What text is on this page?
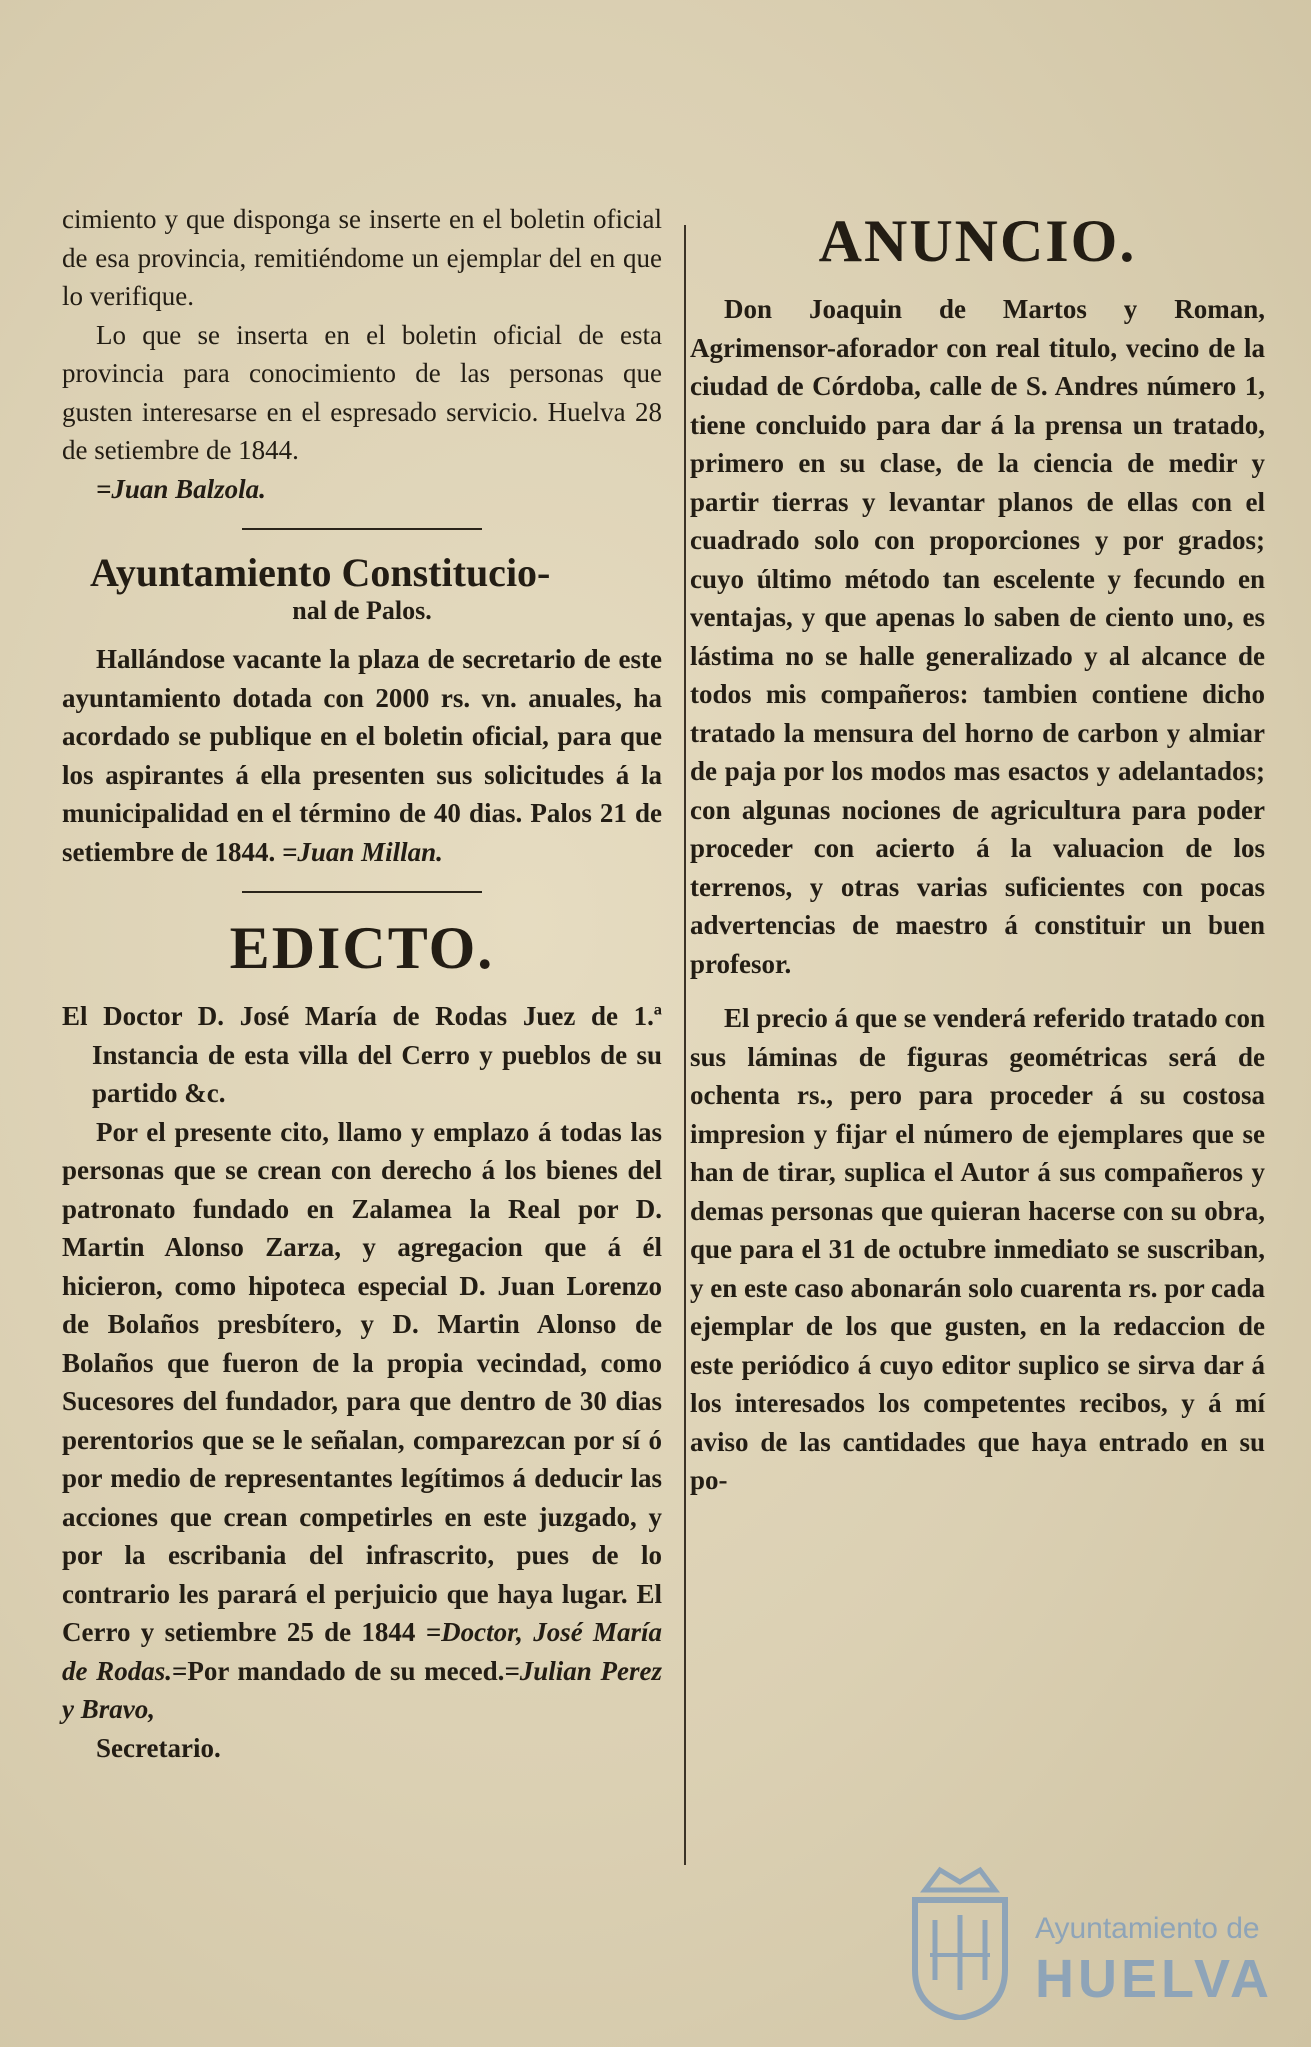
cimiento y que disponga se inserte en el boletin oficial de esa provincia, remitiéndome un ejemplar del en que lo verifique.

Lo que se inserta en el boletin oficial de esta provincia para conocimiento de las personas que gusten interesarse en el espresado servicio. Huelva 28 de setiembre de 1844.
=Juan Balzola.

Ayuntamiento Constitucio-
nal de Palos.

Hallándose vacante la plaza de secretario de este ayuntamiento dotada con 2000 rs. vn. anuales, ha acordado se publique en el boletin oficial, para que los aspirantes á ella presenten sus solicitudes á la municipalidad en el término de 40 dias. Palos 21 de setiembre de 1844. =Juan Millan.

EDICTO.

El Doctor D. José María de Rodas Juez de 1.ª Instancia de esta villa del Cerro y pueblos de su partido &c.

Por el presente cito, llamo y emplazo á todas las personas que se crean con derecho á los bienes del patronato fundado en Zalamea la Real por D. Martin Alonso Zarza, y agregacion que á él hicieron, como hipoteca especial D. Juan Lorenzo de Bolaños presbítero, y D. Martin Alonso de Bolaños que fueron de la propia vecindad, como Sucesores del fundador, para que dentro de 30 dias perentorios que se le señalan, comparezcan por sí ó por medio de representantes legítimos á deducir las acciones que crean competirles en este juzgado, y por la escribania del infrascrito, pues de lo contrario les parará el perjuicio que haya lugar. El Cerro y setiembre 25 de 1844 =Doctor, José María de Rodas.=Por mandado de su meced.=Julian Perez y Bravo,
Secretario.

ANUNCIO.

Don Joaquin de Martos y Roman, Agrimensor-aforador con real titulo, vecino de la ciudad de Córdoba, calle de S. Andres número 1, tiene concluido para dar á la prensa un tratado, primero en su clase, de la ciencia de medir y partir tierras y levantar planos de ellas con el cuadrado solo con proporciones y por grados; cuyo último método tan escelente y fecundo en ventajas, y que apenas lo saben de ciento uno, es lástima no se halle generalizado y al alcance de todos mis compañeros: tambien contiene dicho tratado la mensura del horno de carbon y almiar de paja por los modos mas esactos y adelantados; con algunas nociones de agricultura para poder proceder con acierto á la valuacion de los terrenos, y otras varias suficientes con pocas advertencias de maestro á constituir un buen profesor.

El precio á que se venderá referido tratado con sus láminas de figuras geométricas será de ochenta rs., pero para proceder á su costosa impresion y fijar el número de ejemplares que se han de tirar, suplica el Autor á sus compañeros y demas personas que quieran hacerse con su obra, que para el 31 de octubre inmediato se suscriban, y en este caso abonarán solo cuarenta rs. por cada ejemplar de los que gusten, en la redaccion de este periódico á cuyo editor suplico se sirva dar á los interesados los competentes recibos, y á mí aviso de las cantidades que haya entrado en su po-

Ayuntamiento de
HUELVA
